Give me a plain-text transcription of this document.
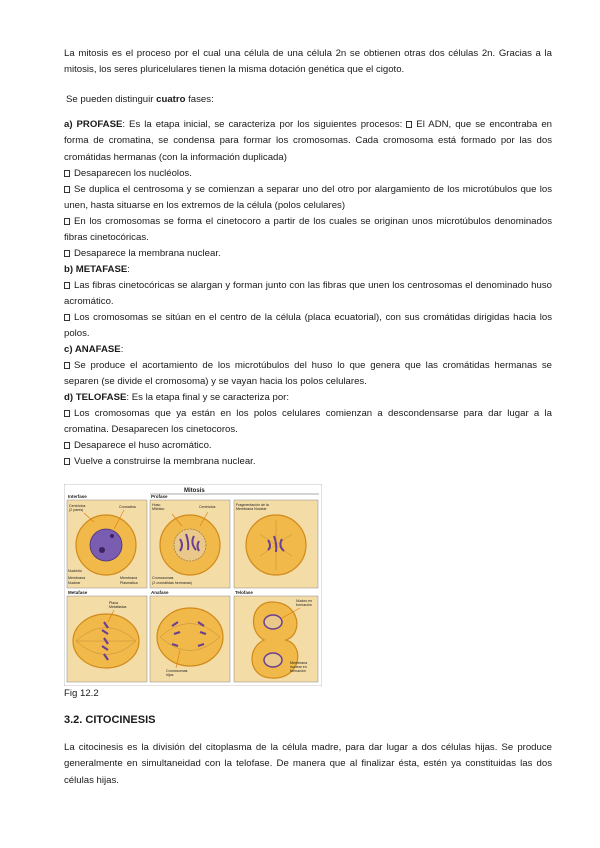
La mitosis es el proceso por el cual una célula de una célula 2n se obtienen otras dos células 2n. Gracias a la mitosis, los seres pluricelulares tienen la misma dotación genética que el cigoto.

Se pueden distinguir cuatro fases:

a) PROFASE: Es la etapa inicial, se caracteriza por los siguientes procesos: El ADN, que se encontraba en forma de cromatina, se condensa para formar los cromosomas. Cada cromosoma está formado por las dos cromátidas hermanas (con la información duplicada)

Desaparecen los nucléolos.

Se duplica el centrosoma y se comienzan a separar uno del otro por alargamiento de los microtúbulos que los unen, hasta situarse en los extremos de la célula (polos celulares)

En los cromosomas se forma el cinetocoro a partir de los cuales se originan unos microtúbulos denominados fibras cinetocóricas.

Desaparece la membrana nuclear.

b) METAFASE:

Las fibras cinetocóricas se alargan y forman junto con las fibras que unen los centrosomas el denominado huso acromático.

Los cromosomas se sitúan en el centro de la célula (placa ecuatorial), con sus cromátidas dirigidas hacia los polos.

c) ANAFASE:

Se produce el acortamiento de los microtúbulos del huso lo que genera que las cromátidas hermanas se separen (se divide el cromosoma) y se vayan hacia los polos celulares.

d) TELOFASE: Es la etapa final y se caracteriza por:

Los cromosomas que ya están en los polos celulares comienzan a descondensarse para dar lugar a la cromatina. Desaparecen los cinetocoros.

Desaparece el huso acromático.

Vuelve a construirse la membrana nuclear.

Mitosis
Interfase
Centríolos
(2 pares)
Cromatina
Nucléolo
Membrana
Nuclear
Membrana
Plasmática
Profase
Huso
Mitótico	Centríolos
Cromosomas
(2 cromátidas hermanas)
Fragmentación de la
Membrana Nuclear
Metafase
Placa
Metafásica
Anafase
Cromosomas
hijos
Telofase
Núcleo en
formación
Membrana
nuclear en
formación

Fig 12.2

3.2. CITOCINESIS

La citocinesis es la división del citoplasma de la célula madre, para dar lugar a dos células hijas. Se produce generalmente en simultaneidad con la telofase. De manera que al finalizar ésta, estén ya constituidas las dos células hijas.
